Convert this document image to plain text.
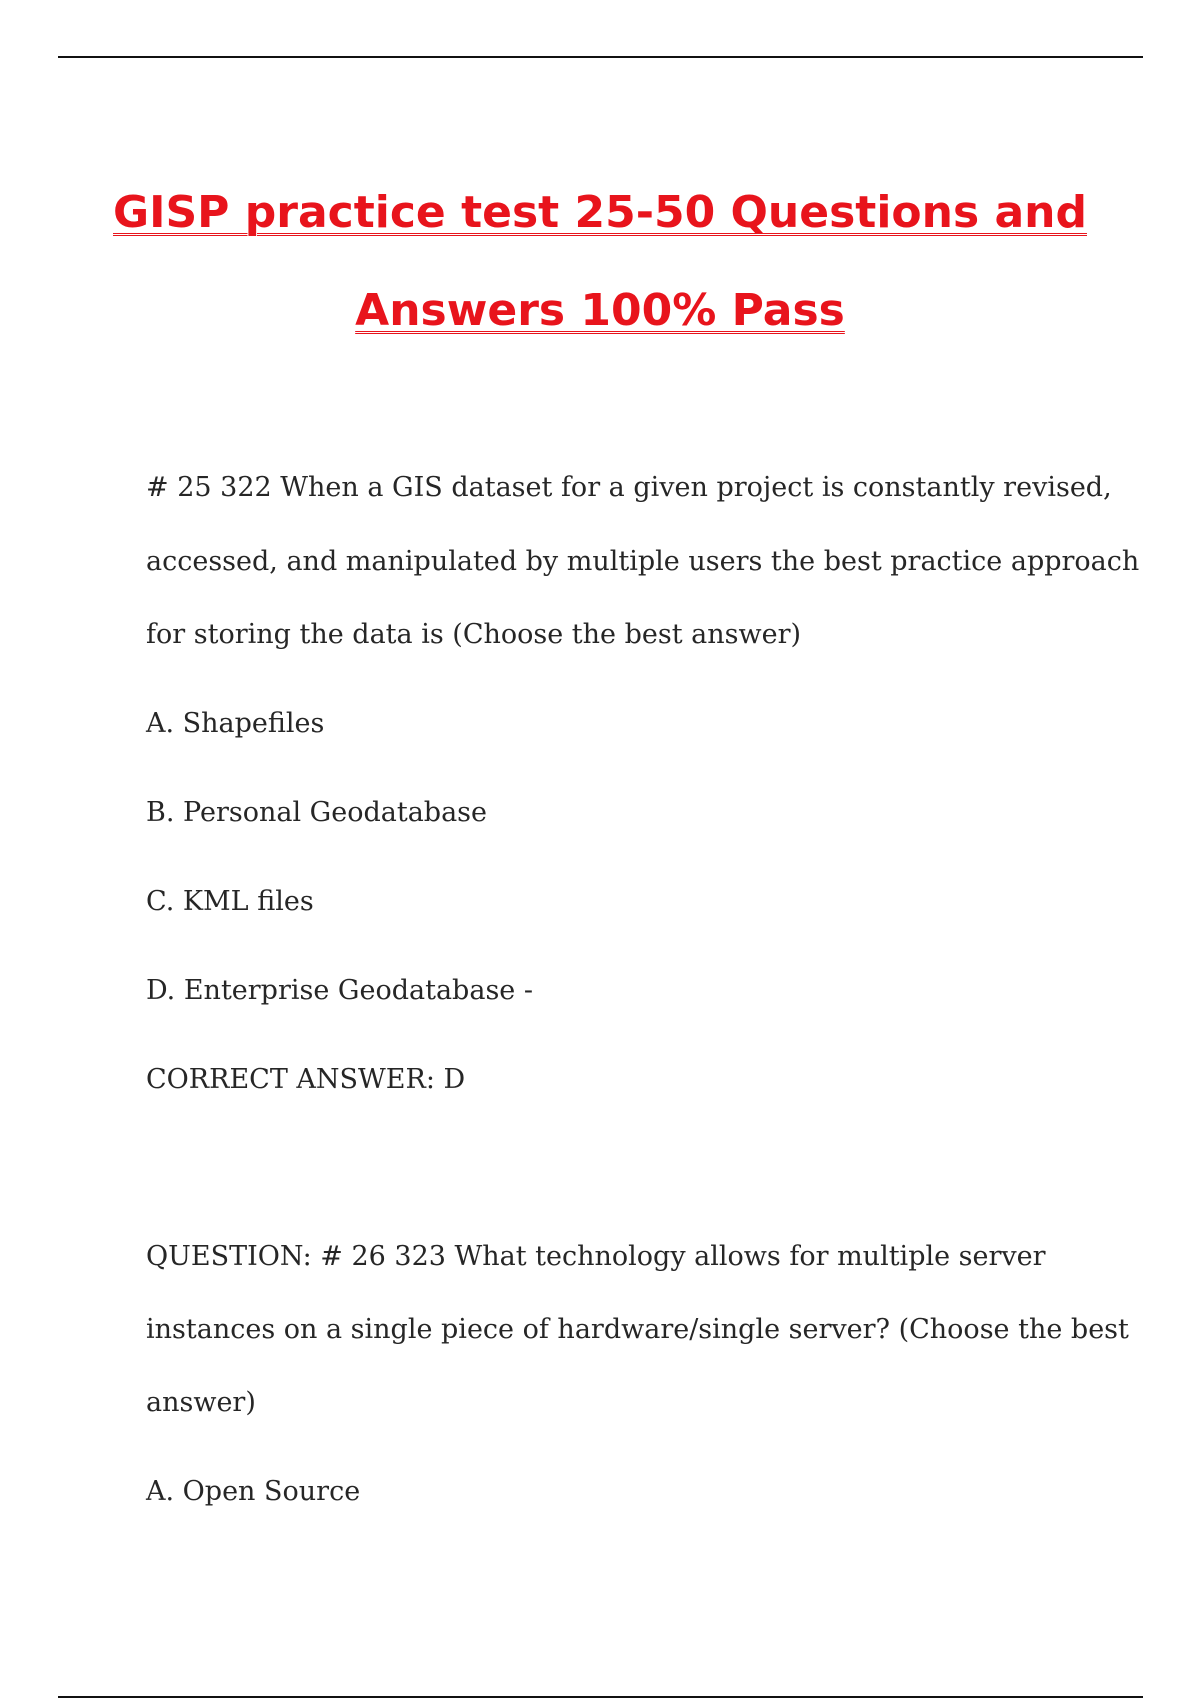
GISP practice test 25-50 Questions and
Answers 100% Pass
# 25 322 When a GIS dataset for a given project is constantly revised,
accessed, and manipulated by multiple users the best practice approach
for storing the data is (Choose the best answer)
A. Shapefiles
B. Personal Geodatabase
C. KML files
D. Enterprise Geodatabase -
CORRECT ANSWER: D
QUESTION: # 26 323 What technology allows for multiple server
instances on a single piece of hardware/single server? (Choose the best
answer)
A. Open Source
